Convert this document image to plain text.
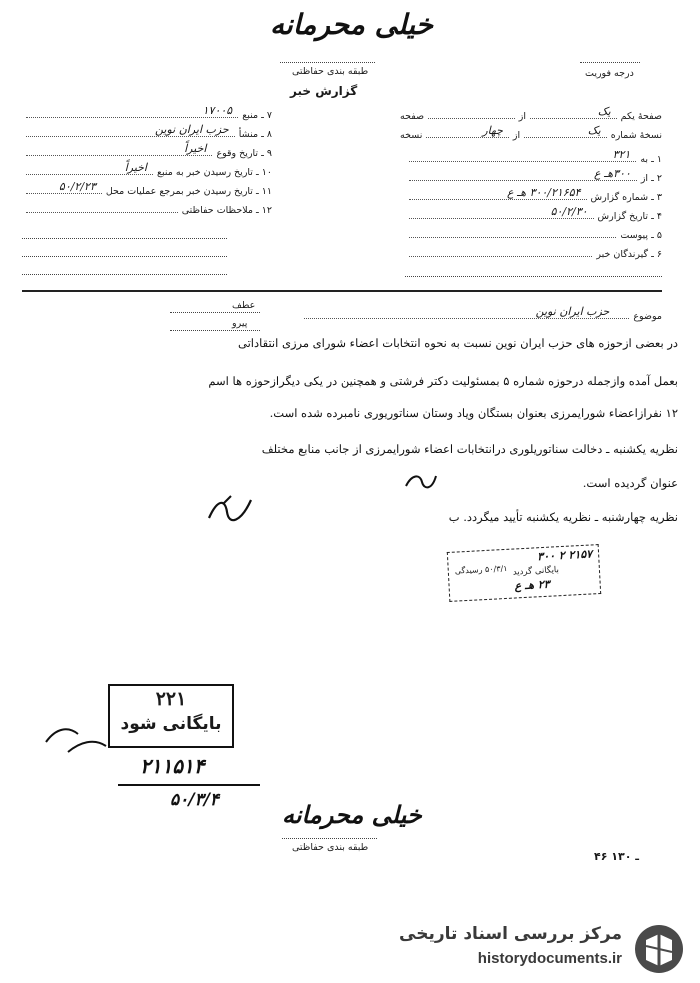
خیلی محرمانه
طبقه بندی حفاظتی
گزارش خبر
درجه فوریت
صفحهٔ یکم
یک
از
صفحه
نسخهٔ شماره
یک
از
چهار
نسخه
۱ ـ به
۳۲۱
۲ ـ از
۳۰۰هـ ع
۳ ـ شماره گزارش
۳۰۰/۲۱۶۵۴ هـ ع
۴ ـ تاریخ گزارش
۵۰/۲/۳۰
۵ ـ پیوست
۶ ـ گیرندگان خبر
۷ ـ منبع
۱۷۰۰۵
۸ ـ منشأ
حزب ایران نوین
۹ ـ تاریخ وقوع
اخیراً
۱۰ ـ تاریخ رسیدن خبر به منبع
اخیراً
۱۱ ـ تاریخ رسیدن خبر بمرجع عملیات محل
۵۰/۲/۲۳
۱۲ ـ ملاحظات حفاظتی
موضوع
حزب ایران نوین
عطف
پیرو
در بعضی ازحوزه های حزب ایران نوین نسبت به نحوه انتخابات اعضاء شورای مرزی انتقاداتی
بعمل آمده وازجمله درحوزه شماره ۵ بمسئولیت دکتر فرشتی و همچنین در یکی دیگرازحوزه ها اسم
۱۲ نفرازاعضاء شورایمرزی بعنوان بستگان ویاد وستان سناتوریوری نامبرده شده است.
نظریه یکشنبه ـ دخالت سناتوریلوری درانتخابات اعضاء شورایمرزی از جانب منابع مختلف
عنوان گردیده است.
نظریه چهارشنبه ـ نظریه یکشنبه تأیید میگردد. ب
۳۰۰ ۲ ۲۱۵۷
۵۰/۳/۱ رسیدگی بایگانی گردید
۲۳ هـ ع
۲۲۱
بایگانی شود
۲۱۱۵۱۴
۵۰/۳/۴	خیلی محرمانه
طبقه بندی حفاظتی
۴۶ ـ ۱۳۰
مرکز بررسی اسناد تاریخی
historydocuments.ir
